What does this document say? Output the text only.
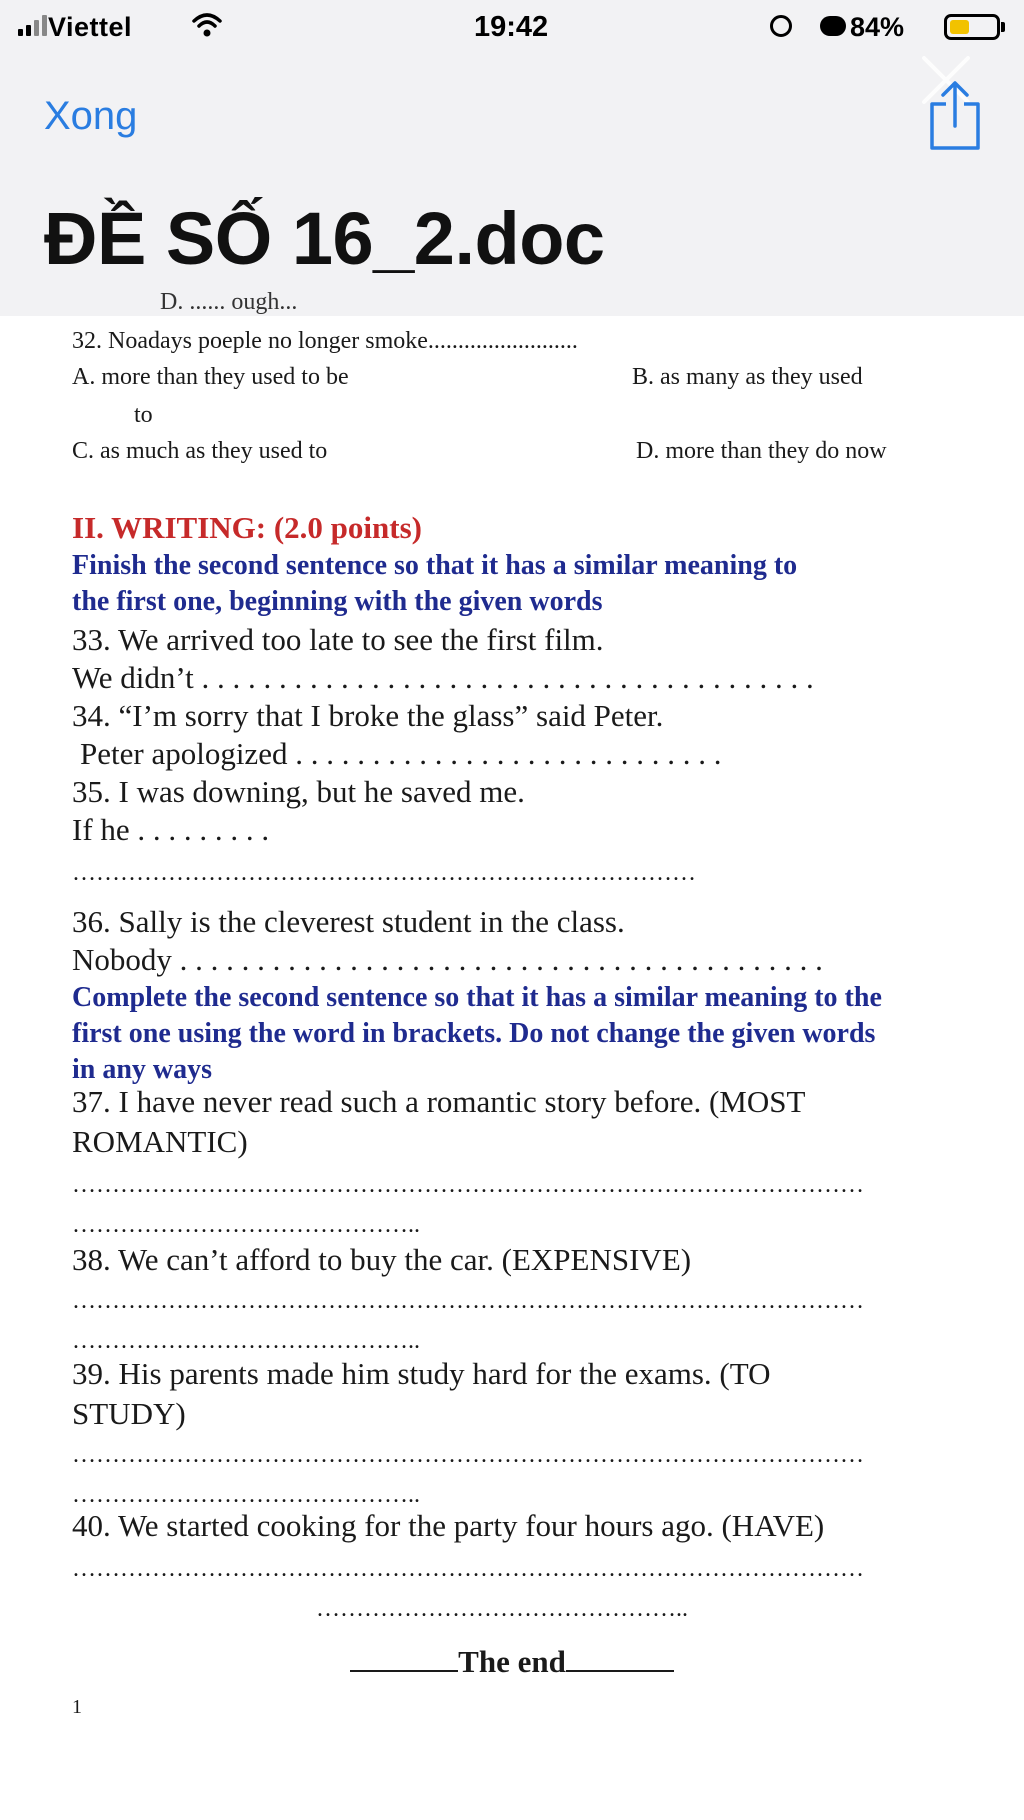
Viettel	19:42	84%
Xong
ĐỀ SỐ 16_2.doc
D. ...... ough...
32. Noadays poeple no longer smoke.........................
A. more than they used to be	B. as many as they used
to
C. as much as they used to	D. more than they do now
II. WRITING: (2.0 points)
Finish the second sentence so that it has a similar meaning to
the first one, beginning with the given words
33. We arrived too late to see the first film.
We didn’t . . . . . . . . . . . . . . . . . . . . . . . . . . . . . . . . . . . . . . . .
34. “I’m sorry that I broke the glass” said Peter.
Peter apologized . . . . . . . . . . . . . . . . . . . . . . . . . . . .
35. I was downing, but he saved me.
If he . . . . . . . . .
……………………………………………………………………
36. Sally is the cleverest student in the class.
Nobody . . . . . . . . . . . . . . . . . . . . . . . . . . . . . . . . . . . . . . . . . .
Complete the second sentence so that it has a similar meaning to the
first one using the word in brackets. Do not change the given words
in any ways
37. I have never read such a romantic story before. (MOST
ROMANTIC)
………………………………………………………………………………………
……………………………………..
38. We can’t afford to buy the car. (EXPENSIVE)
………………………………………………………………………………………
……………………………………..
39. His parents made him study hard for the exams. (TO
STUDY)
………………………………………………………………………………………
……………………………………..
40. We started cooking for the party four hours ago. (HAVE)
………………………………………………………………………………………
………………………………………..
The end
1
